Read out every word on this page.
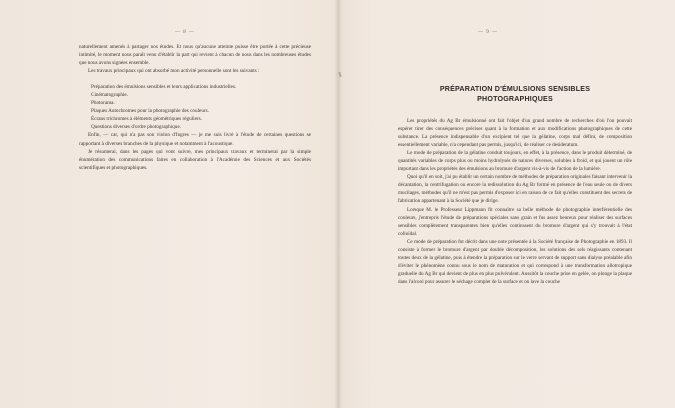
— 8 —

naturellement amenés à partager nos études. Et nous qu'aucune atteinte puisse être portée à cette précieuse intimité, le moment nous paraît venu d'établir la part qui revient à chacun de nous dans les nombreuses études que nous avons signées ensemble.

Les travaux principaux qui ont absorbé mon activité personnelle sont les suivants :

Préparation des émulsions sensibles et leurs applications industrielles.

Cinématographie.

Photorama.

Plaques Autochromes pour la photographie des couleurs.

Écrans trichromes à éléments géométriques réguliers.

Questions diverses d'ordre photographique.

Enfin, — car, qui n'a pas son violon d'Ingres — je me suis livré à l'étude de certaines questions se rapportant à diverses branches de la physique et notamment à l'acoustique.

Je résumerai, dans les pages qui vont suivre, mes principaux travaux et terminerai par la simple énumération des communications faites en collaboration à l'Académie des Sciences et aux Sociétés scientifiques et photographiques.

— 9 —
PRÉPARATION D'ÉMULSIONS SENSIBLES
PHOTOGRAPHIQUES

Les propriétés du Ag Br émulsionné ont fait l'objet d'un grand nombre de recherches d'où l'on pouvait espérer tirer des conséquences précises quant à la formation et aux modifications photographiques de cette substance. La présence indispensable d'un excipient tel que la gélatine, corps mal défini, de composition essentiellement variable, n'a cependant pas permis, jusqu'ici, de réaliser ce desideratum.

Le mode de préparation de la gélatine conduit toujours, en effet, à la présence, dans le produit déterminé, de quantités variables de corps plus ou moins hydrolysés de natures diverses, solubles à froid, et qui jouent un rôle important dans les propriétés des émulsions au bromure d'argent vis-à-vis de l'action de la lumière.

Quoi qu'il en soit, j'ai pu établir un certain nombre de méthodes de préparation originales faisant intervenir la décantation, la centrifugation ou encore la redissolution du Ag Br formé en présence de l'eau seule ou de divers mucilages, méthodes qu'il ne m'est pas permis d'exposer ici en raison de ce fait qu'elles constituent des secrets de fabrication appartenant à la Société que je dirige.

Lorsque M. le Professeur Lippmann fit connaître sa belle méthode de photographie interférentielle des couleurs, j'entrepris l'étude de préparations spéciales sans grain et fus assez heureux pour réaliser des surfaces sensibles complètement transparentes bien qu'elles continssent du bromure d'argent qui s'y trouvait à l'état colloïdal.

Ce mode de préparation fut décrit dans une note présentée à la Société française de Photographie en 1893. Il consiste à former le bromure d'argent par double décomposition, les solutions des sels réagissants contenant toutes deux de la gélatine, puis à étendre la préparation sur le verre servant de support sans dialyse préalable afin d'éviter le phénomène connu sous le nom de maturation et qui correspond à une transformation allotropique graduelle du Ag Br qui devient de plus en plus pulvérulent. Aussitôt la couche prise en gelée, on plonge la plaque dans l'alcool pour assurer le séchage complet de la surface et on lave la couche
